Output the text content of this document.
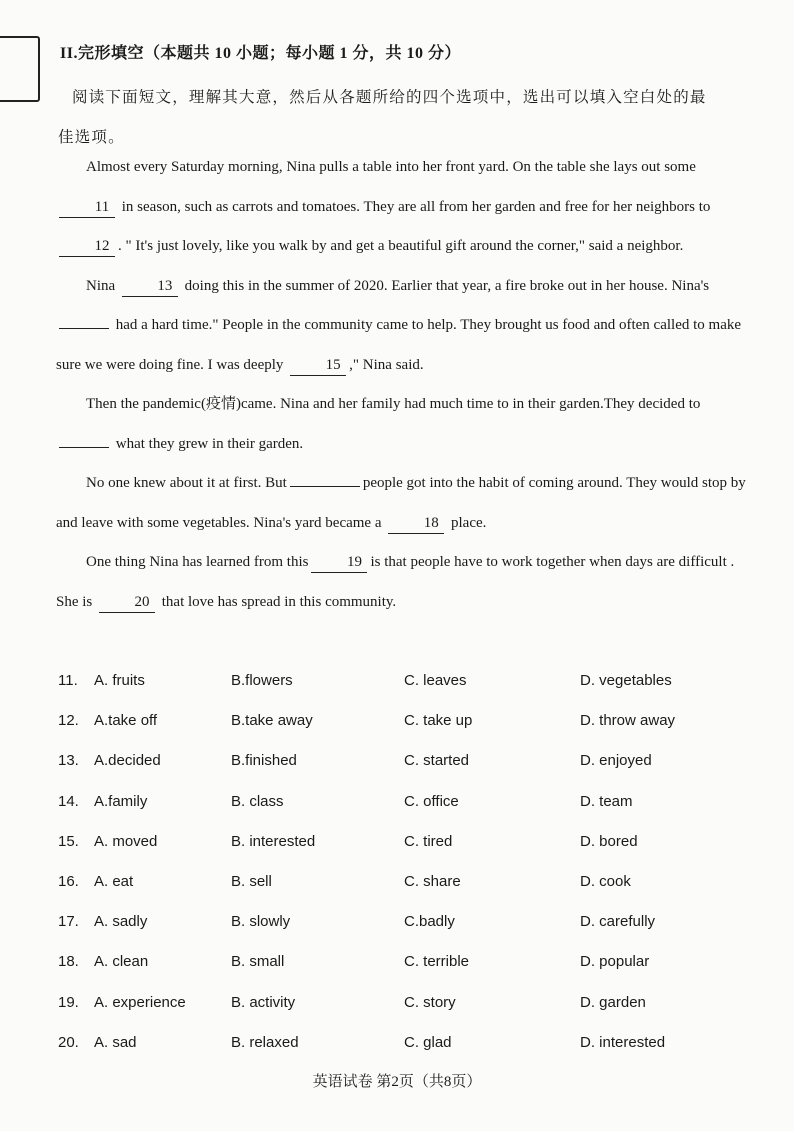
II.完形填空（本题共 10 小题；每小题 1 分，共 10 分）
阅读下面短文，理解其大意，然后从各题所给的四个选项中，选出可以填入空白处的最
佳选项。

Almost every Saturday morning, Nina pulls a table into her front yard. On the table she lays out some 11 in season, such as carrots and tomatoes. They are all from her garden and free for her neighbors to 12 . " It's just lovely, like you walk by and get a beautiful gift around the corner," said a neighbor.

Nina	13 doing this in the summer of 2020. Earlier that year, a fire broke out in her house. Nina's had a hard time." People in the community came to help. They brought us food and often called to make sure we were doing fine. I was deeply	15 ," Nina said.

Then the pandemic(疫情)came. Nina and her family had much time to in their garden.They decided to  what they grew in their garden.

No one knew about it at first. But	people got into the habit of coming around. They would stop by and leave with some vegetables. Nina's yard became a	18 place.

One thing Nina has learned from this	19 is that people have to work together when days are difficult . She is	20 that love has spread in this community.

11. A. fruits	B.flowers	C. leaves	D. vegetables
12. A.take off	B.take away	C. take up	D. throw away
13. A.decided	B.finished	C. started	D. enjoyed
14. A.family	B. class	C. office	D. team
15. A. moved	B. interested	C. tired	D. bored
16. A. eat	B. sell	C. share	D. cook
17. A. sadly	B. slowly	C.badly	D. carefully
18. A. clean	B. small	C. terrible	D. popular
19. A. experience	B. activity	C. story	D. garden
20. A. sad	B. relaxed	C. glad	D. interested
英语试卷 第2页（共8页）
